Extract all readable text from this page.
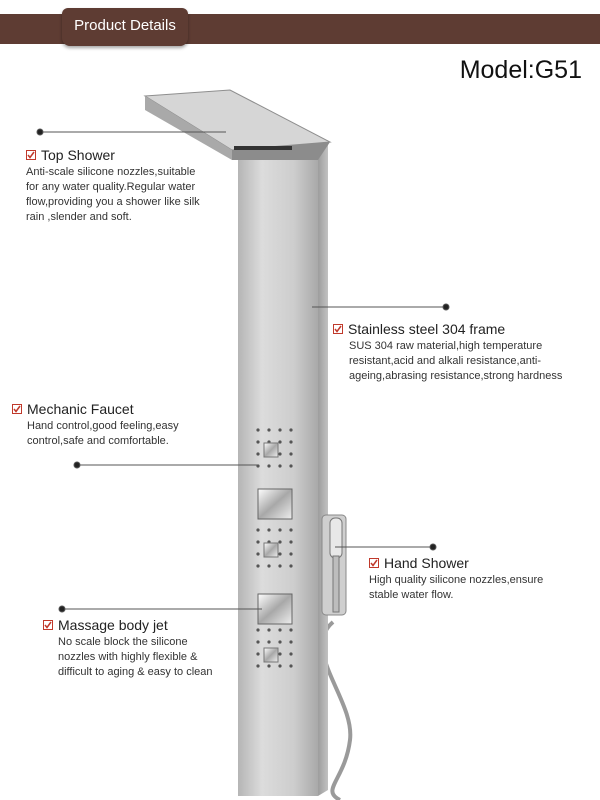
Product Details
Model:G51
Top Shower
Anti-scale silicone nozzles,suitable
for any water quality.Regular water
flow,providing you a shower like silk
rain ,slender and soft.
Stainless steel 304 frame
SUS 304 raw material,high temperature
resistant,acid and alkali resistance,anti-
ageing,abrasing resistance,strong hardness
Mechanic Faucet
Hand control,good feeling,easy
control,safe and comfortable.
Hand Shower
High quality silicone nozzles,ensure
stable water flow.
Massage body jet
No scale block the silicone
nozzles with highly flexible &
difficult to aging & easy to clean
